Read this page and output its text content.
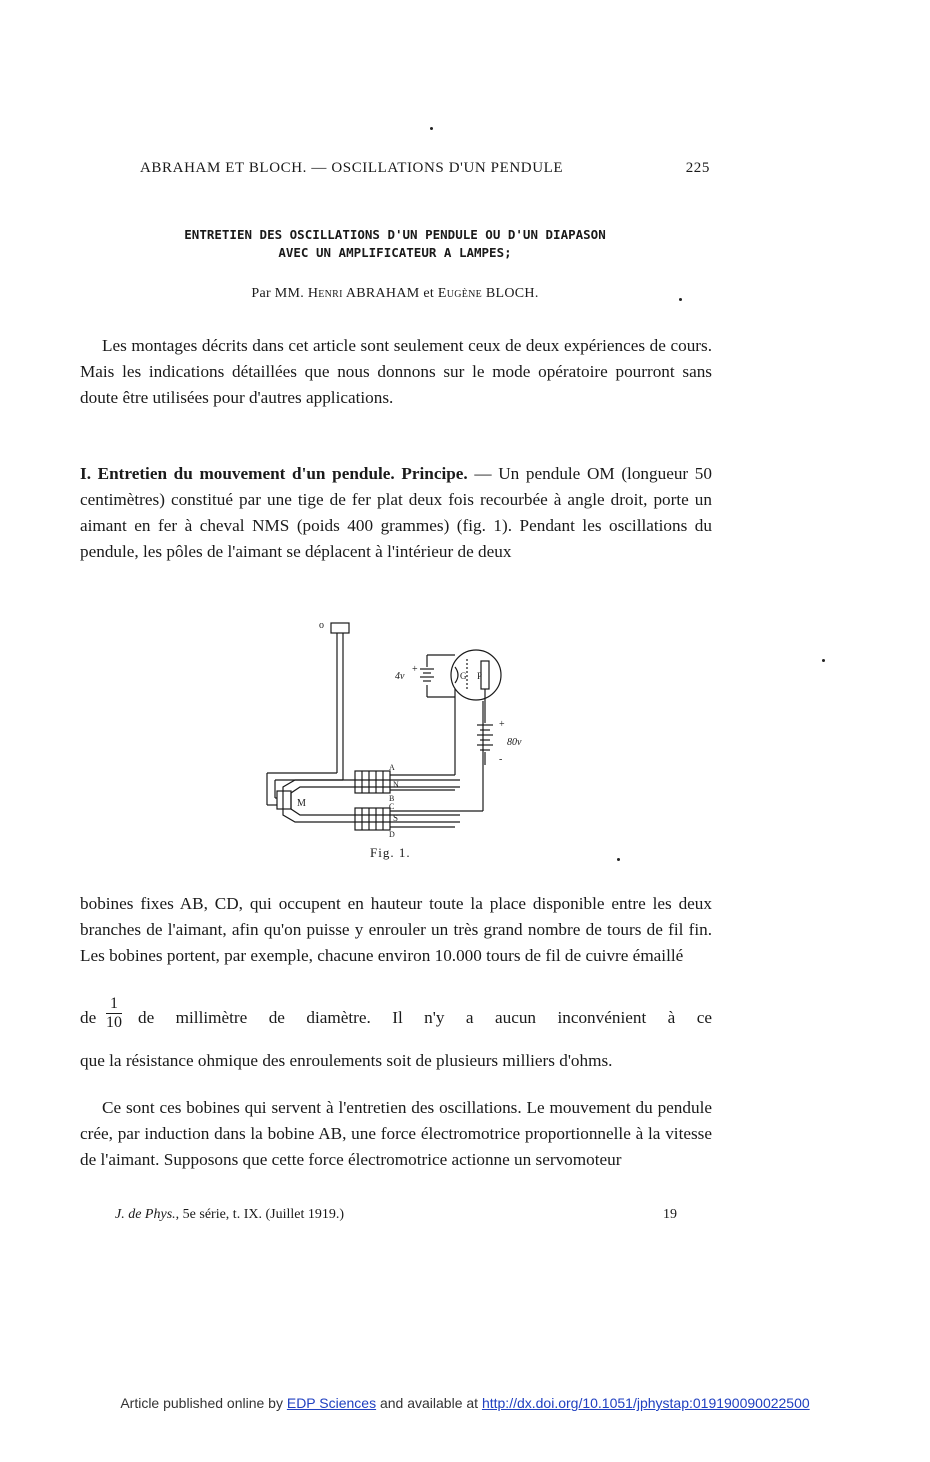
ABRAHAM ET BLOCH. — OSCILLATIONS D'UN PENDULE	225
ENTRETIEN DES OSCILLATIONS D'UN PENDULE OU D'UN DIAPASON
AVEC UN AMPLIFICATEUR A LAMPES;
Par MM. Henri ABRAHAM et Eugène BLOCH.
Les montages décrits dans cet article sont seulement ceux de deux expériences de cours. Mais les indications détaillées que nous donnons sur le mode opératoire pourront sans doute être utilisées pour d'autres applications.
I. Entretien du mouvement d'un pendule. Principe. — Un pendule OM (longueur 50 centimètres) constitué par une tige de fer plat deux fois recourbée à angle droit, porte un aimant en fer à cheval NMS (poids 400 grammes) (fig. 1). Pendant les oscillations du pendule, les pôles de l'aimant se déplacent à l'intérieur de deux
o
4v
+
G P
+
80v
-
A
N
B
C
S
D
M
Fig. 1.
bobines fixes AB, CD, qui occupent en hauteur toute la place disponible entre les deux branches de l'aimant, afin qu'on puisse y enrouler un très grand nombre de tours de fil fin. Les bobines portent, par exemple, chacune environ 10.000 tours de fil de cuivre émaillé
de $\frac{1}{10}$ de millimètre de diamètre. Il n'y a aucun inconvénient à ce
que la résistance ohmique des enroulements soit de plusieurs milliers d'ohms.
Ce sont ces bobines qui servent à l'entretien des oscillations. Le mouvement du pendule crée, par induction dans la bobine AB, une force électromotrice proportionnelle à la vitesse de l'aimant. Supposons que cette force électromotrice actionne un servomoteur
J. de Phys., 5e série, t. IX. (Juillet 1919.)	19
Article published online by EDP Sciences and available at http://dx.doi.org/10.1051/jphystap:019190090022500
